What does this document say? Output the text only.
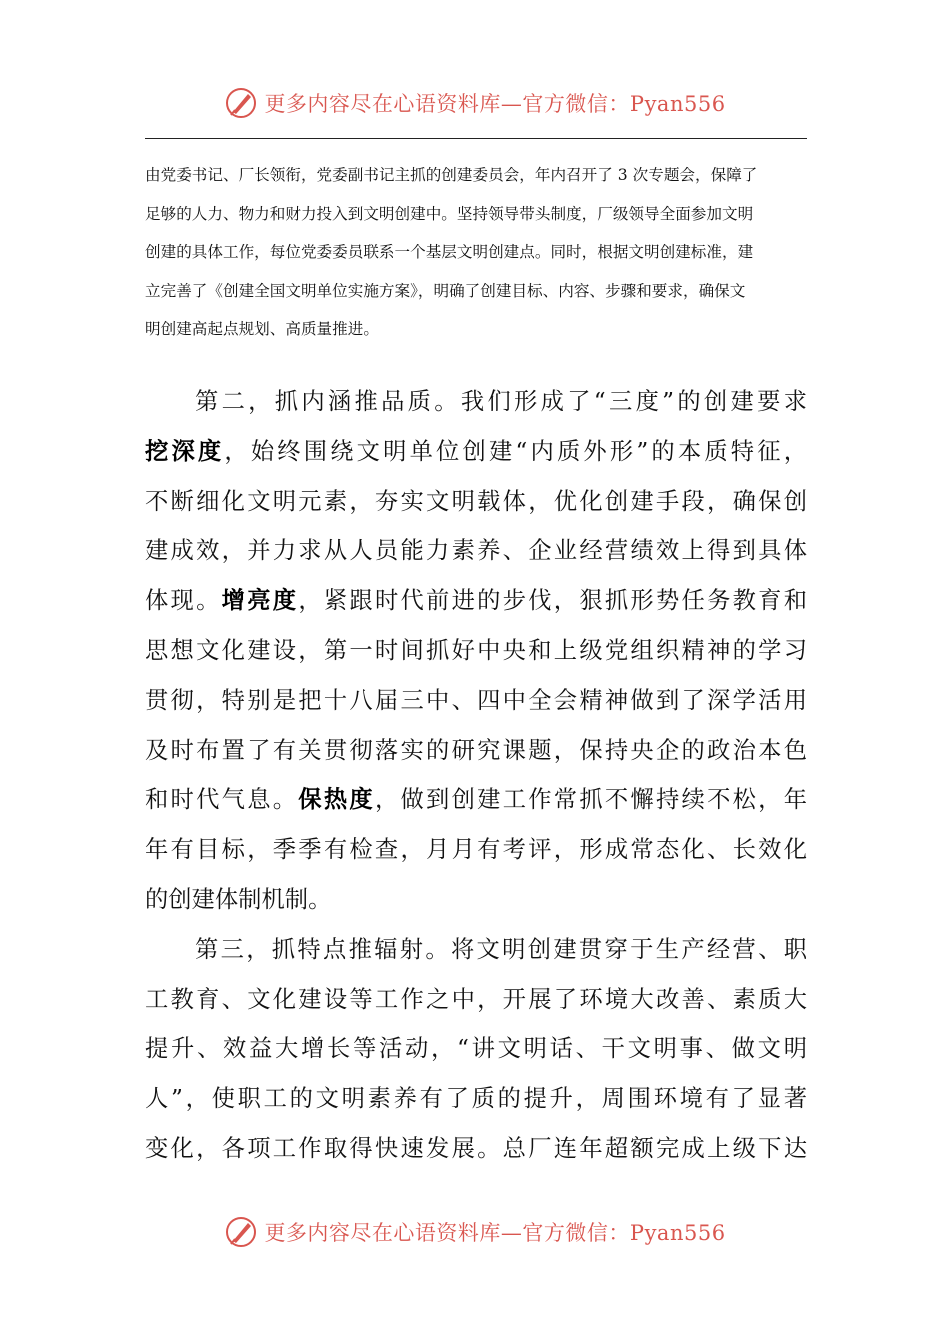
更多内容尽在心语资料库—官方微信：Pyan556
由党委书记、厂长领衔，党委副书记主抓的创建委员会，年内召开了 3 次专题会，保障了
足够的人力、物力和财力投入到文明创建中。坚持领导带头制度，厂级领导全面参加文明
创建的具体工作，每位党委委员联系一个基层文明创建点。同时，根据文明创建标准，建
立完善了《创建全国文明单位实施方案》，明确了创建目标、内容、步骤和要求，确保文
明创建高起点规划、高质量推进。
第二，抓内涵推品质。我们形成了“三度”的创建要求
挖深度，始终围绕文明单位创建“内质外形”的本质特征，
不断细化文明元素，夯实文明载体，优化创建手段，确保创
建成效，并力求从人员能力素养、企业经营绩效上得到具体
体现。增亮度，紧跟时代前进的步伐，狠抓形势任务教育和
思想文化建设，第一时间抓好中央和上级党组织精神的学习
贯彻，特别是把十八届三中、四中全会精神做到了深学活用
及时布置了有关贯彻落实的研究课题，保持央企的政治本色
和时代气息。保热度，做到创建工作常抓不懈持续不松，年
年有目标，季季有检查，月月有考评，形成常态化、长效化
的创建体制机制。
第三，抓特点推辐射。将文明创建贯穿于生产经营、职
工教育、文化建设等工作之中，开展了环境大改善、素质大
提升、效益大增长等活动，“讲文明话、干文明事、做文明
人”，使职工的文明素养有了质的提升，周围环境有了显著
变化，各项工作取得快速发展。总厂连年超额完成上级下达
更多内容尽在心语资料库—官方微信：Pyan556
